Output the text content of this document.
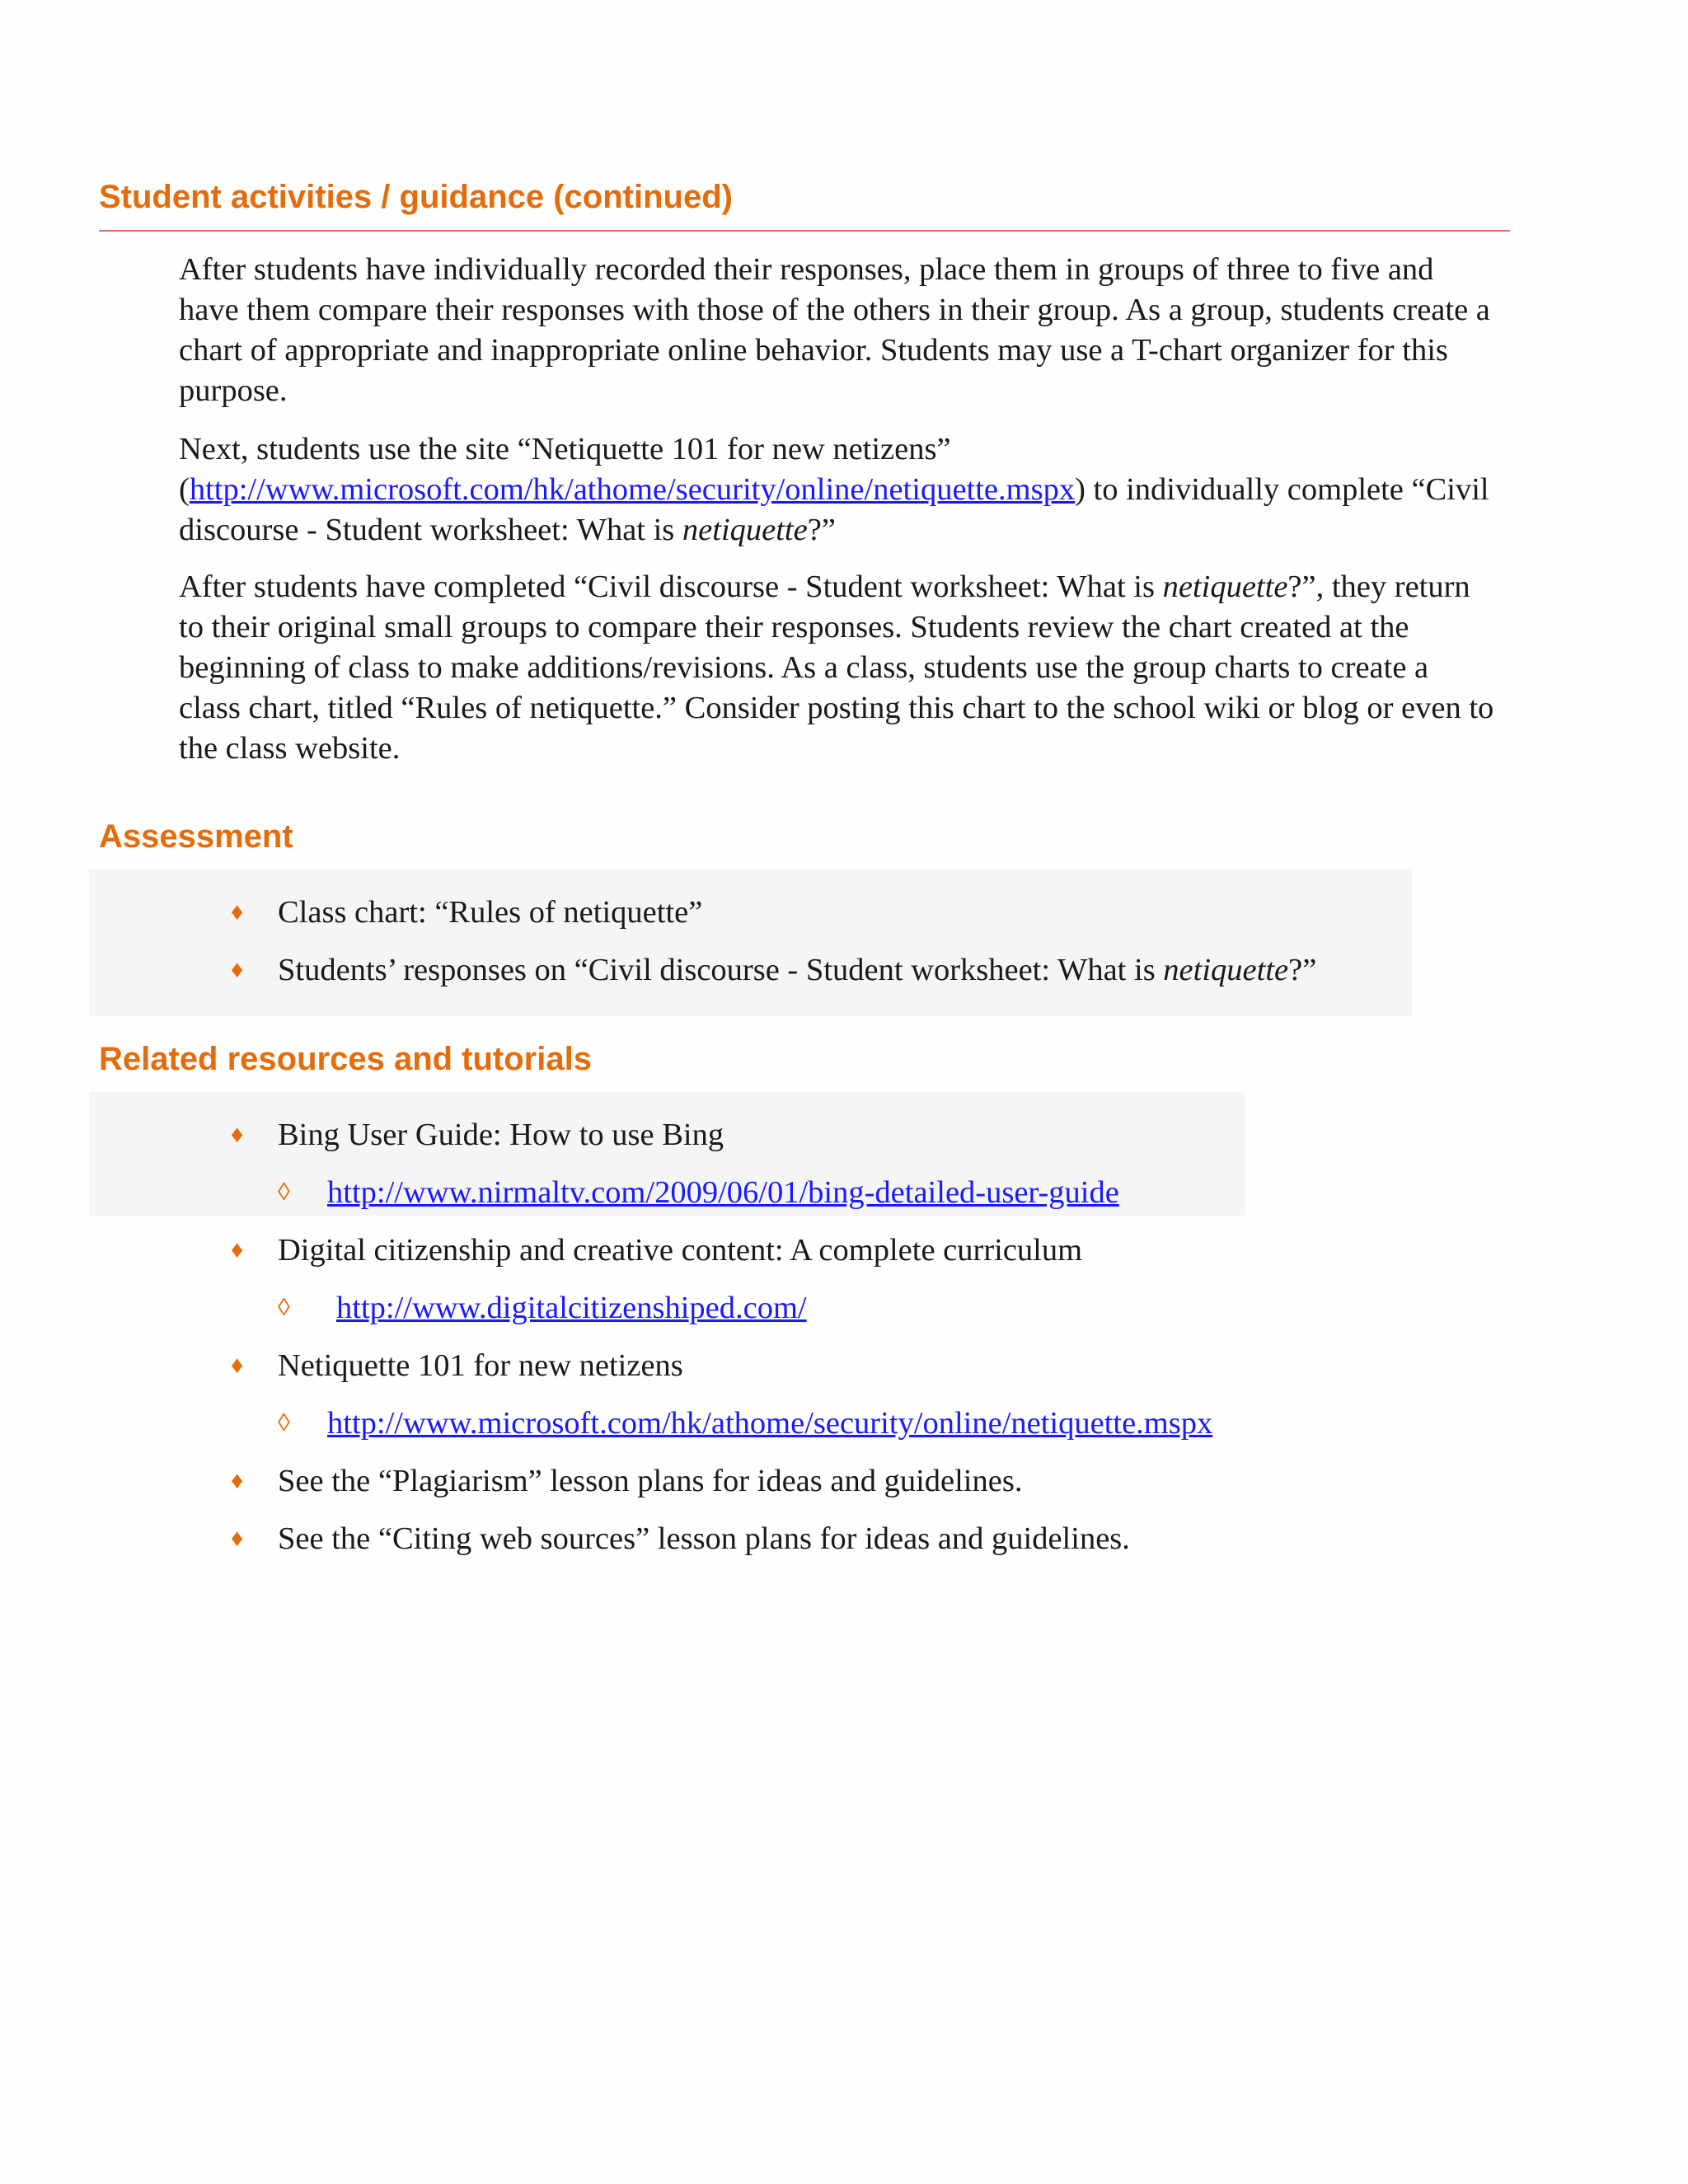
Student activities / guidance (continued)

After students have individually recorded their responses, place them in groups of three to five and have them compare their responses with those of the others in their group. As a group, students create a chart of appropriate and inappropriate online behavior. Students may use a T-chart organizer for this purpose.

Next, students use the site “Netiquette 101 for new netizens” (http://www.microsoft.com/hk/athome/security/online/netiquette.mspx) to individually complete “Civil discourse - Student worksheet: What is netiquette?”

After students have completed “Civil discourse - Student worksheet: What is netiquette?”, they return to their original small groups to compare their responses. Students review the chart created at the beginning of class to make additions/revisions. As a class, students use the group charts to create a class chart, titled “Rules of netiquette.” Consider posting this chart to the school wiki or blog or even to the class website.

Assessment
♦ Class chart: “Rules of netiquette”
♦ Students’ responses on “Civil discourse - Student worksheet: What is netiquette?”
Related resources and tutorials
♦ Bing User Guide: How to use Bing
◊ http://www.nirmaltv.com/2009/06/01/bing-detailed-user-guide
♦ Digital citizenship and creative content: A complete curriculum
◊ http://www.digitalcitizenshiped.com/
♦ Netiquette 101 for new netizens
◊ http://www.microsoft.com/hk/athome/security/online/netiquette.mspx
♦ See the “Plagiarism” lesson plans for ideas and guidelines.
♦ See the “Citing web sources” lesson plans for ideas and guidelines.
